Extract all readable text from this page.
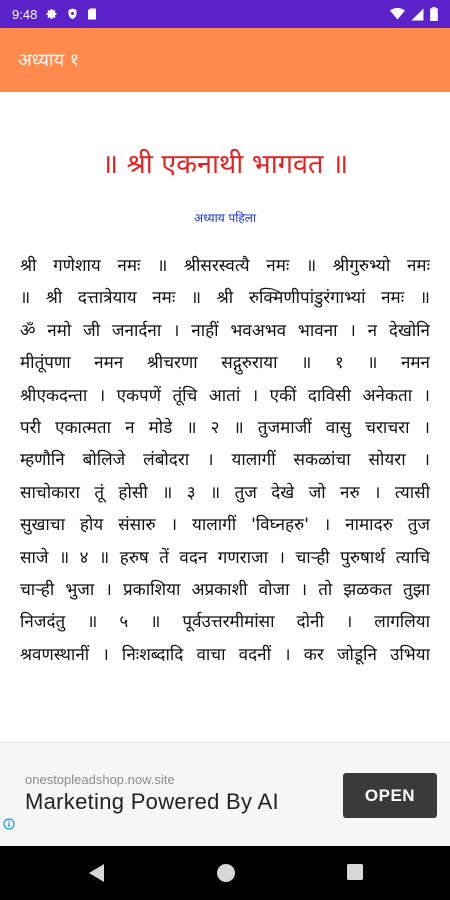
9:48
अध्याय १
॥ श्री एकनाथी भागवत ॥
अध्याय पहिला
श्री गणेशाय नमः ॥ श्रीसरस्वत्यै नमः ॥ श्रीगुरुभ्यो नमः
॥ श्री दत्तात्रेयाय नमः ॥ श्री रुक्मिणीपांडुरंगाभ्यां नमः ॥
ॐ नमो जी जनार्दना । नाहीं भवअभव भावना । न देखोनि
मीतूंपणा नमन श्रीचरणा सद्गुरुराया ॥ १ ॥ नमन
श्रीएकदन्ता । एकपणें तूंचि आतां । एकीं दाविसी अनेकता ।
परी एकात्मता न मोडे ॥ २ ॥ तुजमाजीं वासु चराचरा ।
म्हणौनि बोलिजे लंबोदरा । यालागीं सकळांचा सोयरा ।
साचोकारा तूं होसी ॥ ३ ॥ तुज देखे जो नरु । त्यासी
सुखाचा होय संसारु । यालागीं 'विघ्नहरु' । नामादरु तुज
साजे ॥ ४ ॥ हरुष तें वदन गणराजा । चाऱ्ही पुरुषार्थ त्याचि
चाऱ्ही भुजा । प्रकाशिया अप्रकाशी वोजा । तो झळकत तुझा
निजदंतु ॥ ५ ॥ पूर्वउत्तरमीमांसा दोनी । लागलिया
श्रवणस्थानीं । निःशब्दादि वाचा वदनीं । कर जोडूनि उभिया
onestopleadshop.now.site
Marketing Powered By AI	OPEN
